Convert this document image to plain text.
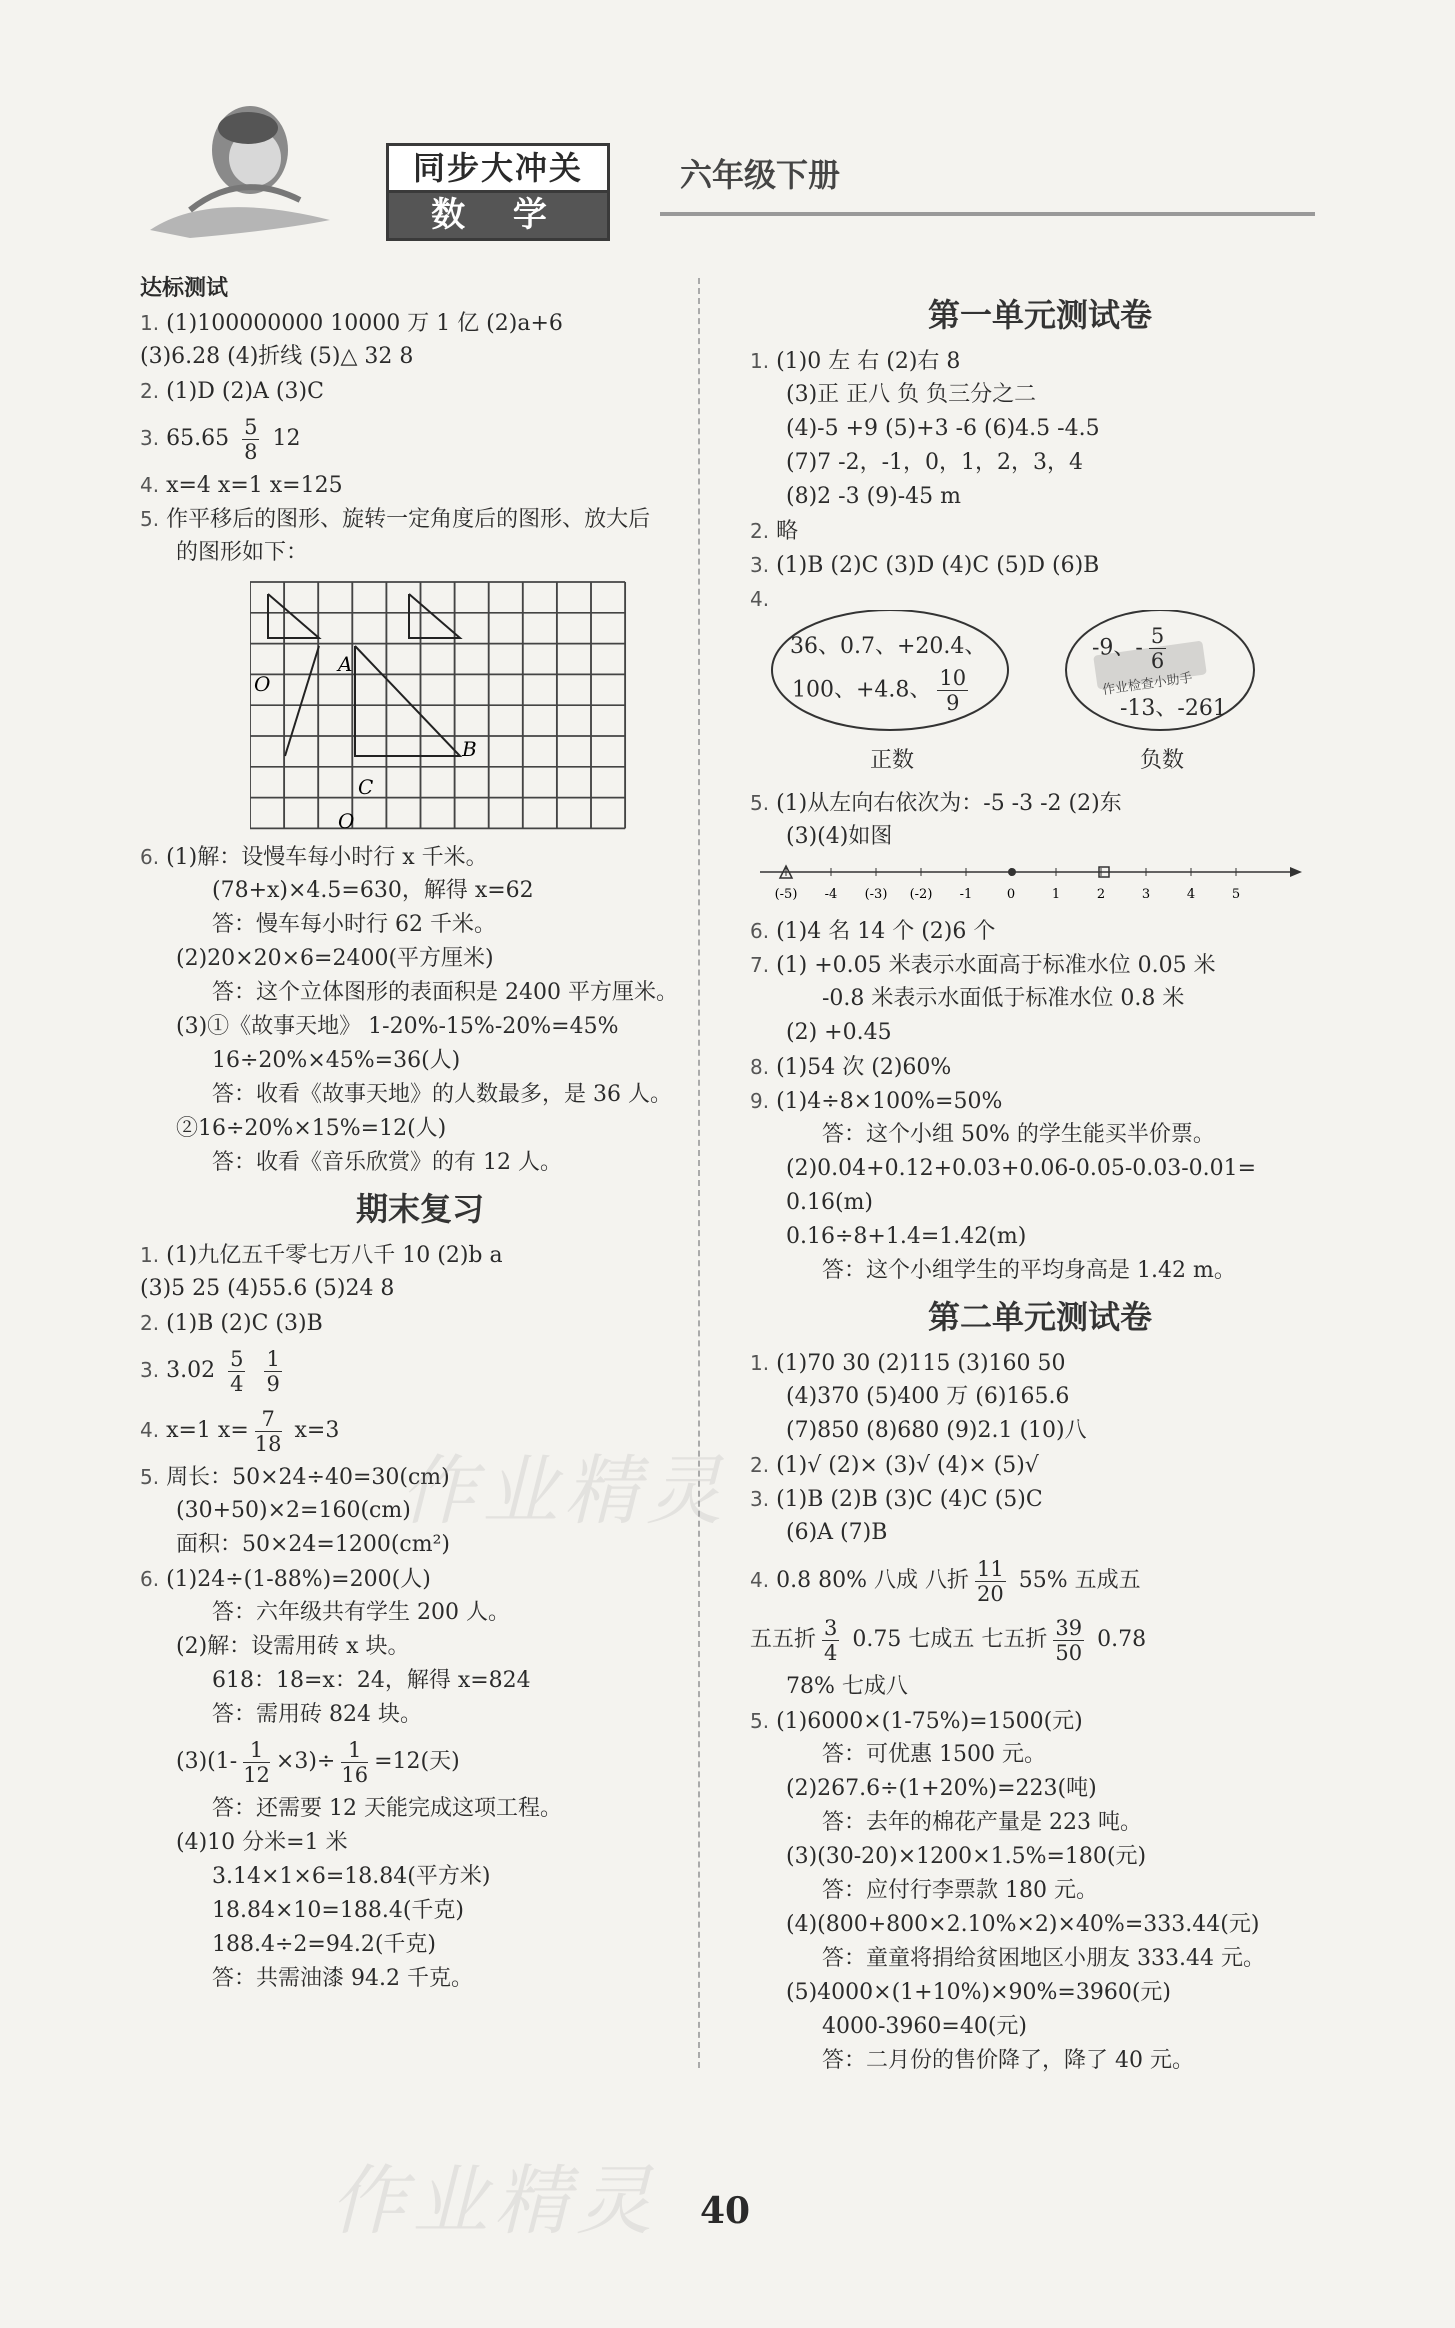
同步大冲关
数 学
六年级下册
达标测试
1. (1)100000000 10000 万 1 亿 (2)a+6
(3)6.28 (4)折线 (5)△ 32 8
2. (1)D (2)A (3)C
3. $65.65 \frac{5}{8} 12$
4. x=4 x=1 x=125
5. 作平移后的图形、旋转一定角度后的图形、放大后
的图形如下：
A
B
C
O
O
6. (1)解：设慢车每小时行 x 千米。
(78+x)×4.5=630，解得 x=62
答：慢车每小时行 62 千米。
(2)20×20×6=2400(平方厘米)
答：这个立体图形的表面积是 2400 平方厘米。
(3)①《故事天地》 1-20%-15%-20%=45%
16÷20%×45%=36(人)
答：收看《故事天地》的人数最多，是 36 人。
②16÷20%×15%=12(人)
答：收看《音乐欣赏》的有 12 人。
期末复习
1. (1)九亿五千零七万八千 10 (2)b a
(3)5 25 (4)55.6 (5)24 8
2. (1)B (2)C (3)B
3. $3.02 \frac{5}{4}$
$\frac{1}{9}$
4. x=1 $x= \frac{7}{18} x=3$
5. 周长：50×24÷40=30(cm)
(30+50)×2=160(cm)
面积：50×24=1200(cm²)
6. (1)24÷(1-88%)=200(人)
答：六年级共有学生 200 人。
(2)解：设需用砖 x 块。
618：18=x：24，解得 x=824
答：需用砖 824 块。
$(3)(1- \frac{1}{12} \times 3)\div \frac{1}{16} =12$(天)
答：还需要 12 天能完成这项工程。
(4)10 分米=1 米
3.14×1×6=18.84(平方米)
18.84×10=188.4(千克)
188.4÷2=94.2(千克)
答：共需油漆 94.2 千克。
第一单元测试卷
1. (1)0 左 右 (2)右 8
(3)正 正八 负 负三分之二
(4)-5 +9 (5)+3 -6 (6)4.5 -4.5
(7)7 -2，-1，0，1，2，3，4
(8)2 -3 (9)-45 m
2. 略
3. (1)B (2)C (3)D (4)C (5)D (6)B
4.
36、0.7、+20.4、
100、+4.8、 $\frac{10}{9}$
-9、- $\frac{5}{6}$
作业检查小助手
-13、-261
正数	负数
5. (1)从左向右依次为：-5 -3 -2 (2)东
(3)(4)如图
(-5) -4 (-3) (-2) -1	0	1	2	3	4	5
6. (1)4 名 14 个 (2)6 个
7. (1) +0.05 米表示水面高于标准水位 0.05 米
-0.8 米表示水面低于标准水位 0.8 米
(2) +0.45
8. (1)54 次 (2)60%
9. (1)4÷8×100%=50%
答：这个小组 50% 的学生能买半价票。
(2)0.04+0.12+0.03+0.06-0.05-0.03-0.01=
0.16(m)
0.16÷8+1.4=1.42(m)
答：这个小组学生的平均身高是 1.42 m。
第二单元测试卷
1. (1)70 30 (2)115 (3)160 50
(4)370 (5)400 万 (6)165.6
(7)850 (8)680 (9)2.1 (10)八
2. (1)√ (2)× (3)√ (4)× (5)√
3. (1)B (2)B (3)C (4)C (5)C
(6)A (7)B
4. 0.8 80% 八成 八折 $\frac{11}{20} 55\%$ 五成五
五五折 $\frac{3}{4} 0.75$ 七成五 七五折 $\frac{39}{50} 0.78$
78% 七成八
5. (1)6000×(1-75%)=1500(元)
答：可优惠 1500 元。
(2)267.6÷(1+20%)=223(吨)
答：去年的棉花产量是 223 吨。
(3)(30-20)×1200×1.5%=180(元)
答：应付行李票款 180 元。
(4)(800+800×2.10%×2)×40%=333.44(元)
答：童童将捐给贫困地区小朋友 333.44 元。
(5)4000×(1+10%)×90%=3960(元)
4000-3960=40(元)
答：二月份的售价降了，降了 40 元。
作业精灵
作业精灵 40
